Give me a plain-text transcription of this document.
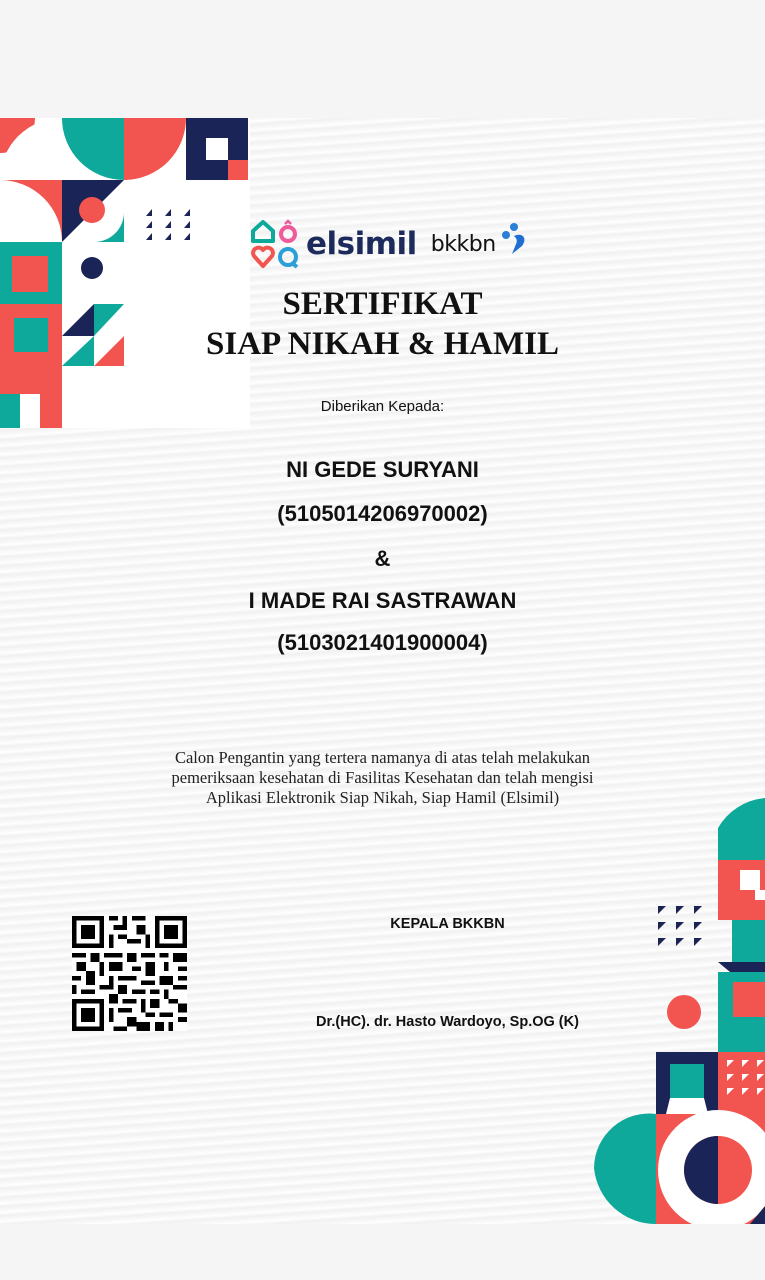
elsimil bkkbn
SERTIFIKAT
SIAP NIKAH & HAMIL
Diberikan Kepada:
NI GEDE SURYANI
(5105014206970002)
&
I MADE RAI SASTRAWAN
(5103021401900004)
Calon Pengantin yang tertera namanya di atas telah melakukan
pemeriksaan kesehatan di Fasilitas Kesehatan dan telah mengisi
Aplikasi Elektronik Siap Nikah, Siap Hamil (Elsimil)
KEPALA BKKBN
Dr.(HC). dr. Hasto Wardoyo, Sp.OG (K)
